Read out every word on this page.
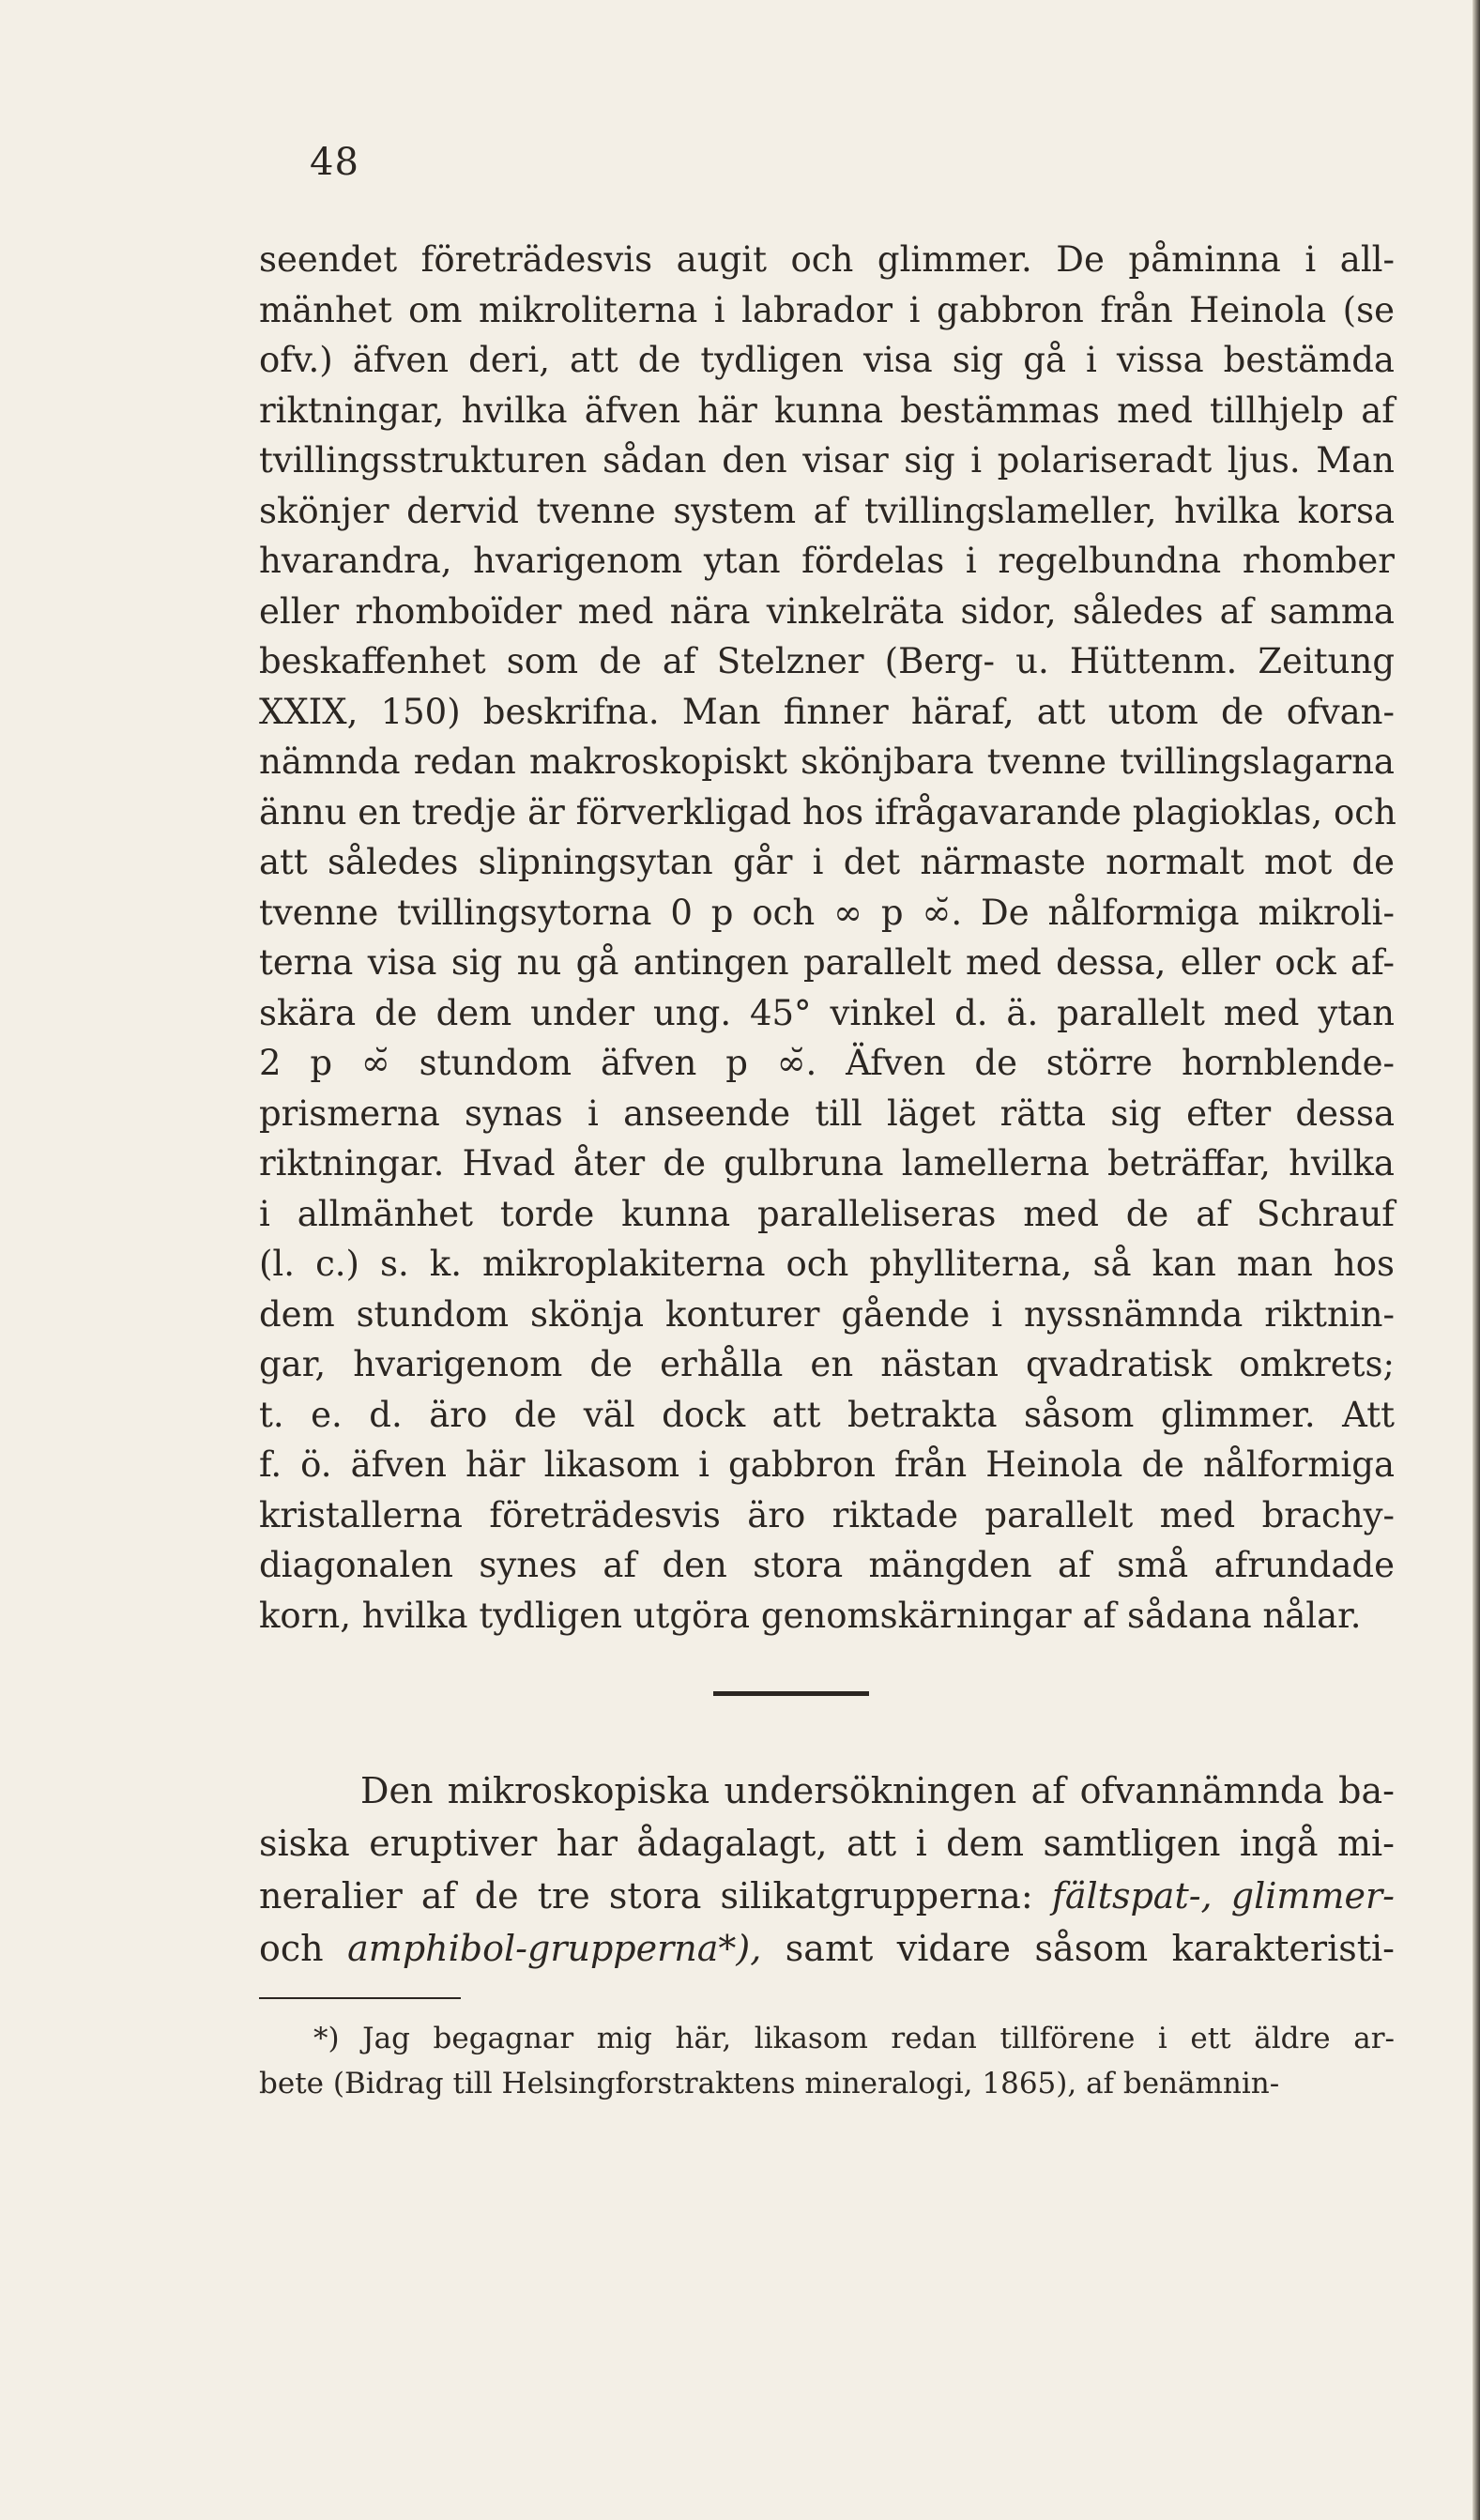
48
seendet företrädesvis augit och glimmer. De påminna i all-
mänhet om mikroliterna i labrador i gabbron från Heinola (se
ofv.) äfven deri, att de tydligen visa sig gå i vissa bestämda
riktningar, hvilka äfven här kunna bestämmas med tillhjelp af
tvillingsstrukturen sådan den visar sig i polariseradt ljus. Man
skönjer dervid tvenne system af tvillingslameller, hvilka korsa
hvarandra, hvarigenom ytan fördelas i regelbundna rhomber
eller rhomboïder med nära vinkelräta sidor, således af samma
beskaffenhet som de af Stelzner (Berg- u. Hüttenm. Zeitung
XXIX, 150) beskrifna. Man finner häraf, att utom de ofvan-
nämnda redan makroskopiskt skönjbara tvenne tvillingslagarna
ännu en tredje är förverkligad hos ifrågavarande plagioklas, och
att således slipningsytan går i det närmaste normalt mot de
tvenne tvillingsytorna 0 p och ∞ p ∞̆. De nålformiga mikroli-
terna visa sig nu gå antingen parallelt med dessa, eller ock af-
skära de dem under ung. 45° vinkel d. ä. parallelt med ytan
2 p ∞̆ stundom äfven p ∞̆. Äfven de större hornblende-
prismerna synas i anseende till läget rätta sig efter dessa
riktningar. Hvad åter de gulbruna lamellerna beträffar, hvilka
i allmänhet torde kunna paralleliseras med de af Schrauf
(l. c.) s. k. mikroplakiterna och phylliterna, så kan man hos
dem stundom skönja konturer gående i nyssnämnda riktnin-
gar, hvarigenom de erhålla en nästan qvadratisk omkrets;
t. e. d. äro de väl dock att betrakta såsom glimmer. Att
f. ö. äfven här likasom i gabbron från Heinola de nålformiga
kristallerna företrädesvis äro riktade parallelt med brachy-
diagonalen synes af den stora mängden af små afrundade
korn, hvilka tydligen utgöra genomskärningar af sådana nålar.
Den mikroskopiska undersökningen af ofvannämnda ba-
siska eruptiver har ådagalagt, att i dem samtligen ingå mi-
neralier af de tre stora silikatgrupperna: fältspat-, glimmer-
och amphibol-grupperna*), samt vidare såsom karakteristi-
*) Jag begagnar mig här, likasom redan tillförene i ett äldre ar-
bete (Bidrag till Helsingforstraktens mineralogi, 1865), af benämnin-
